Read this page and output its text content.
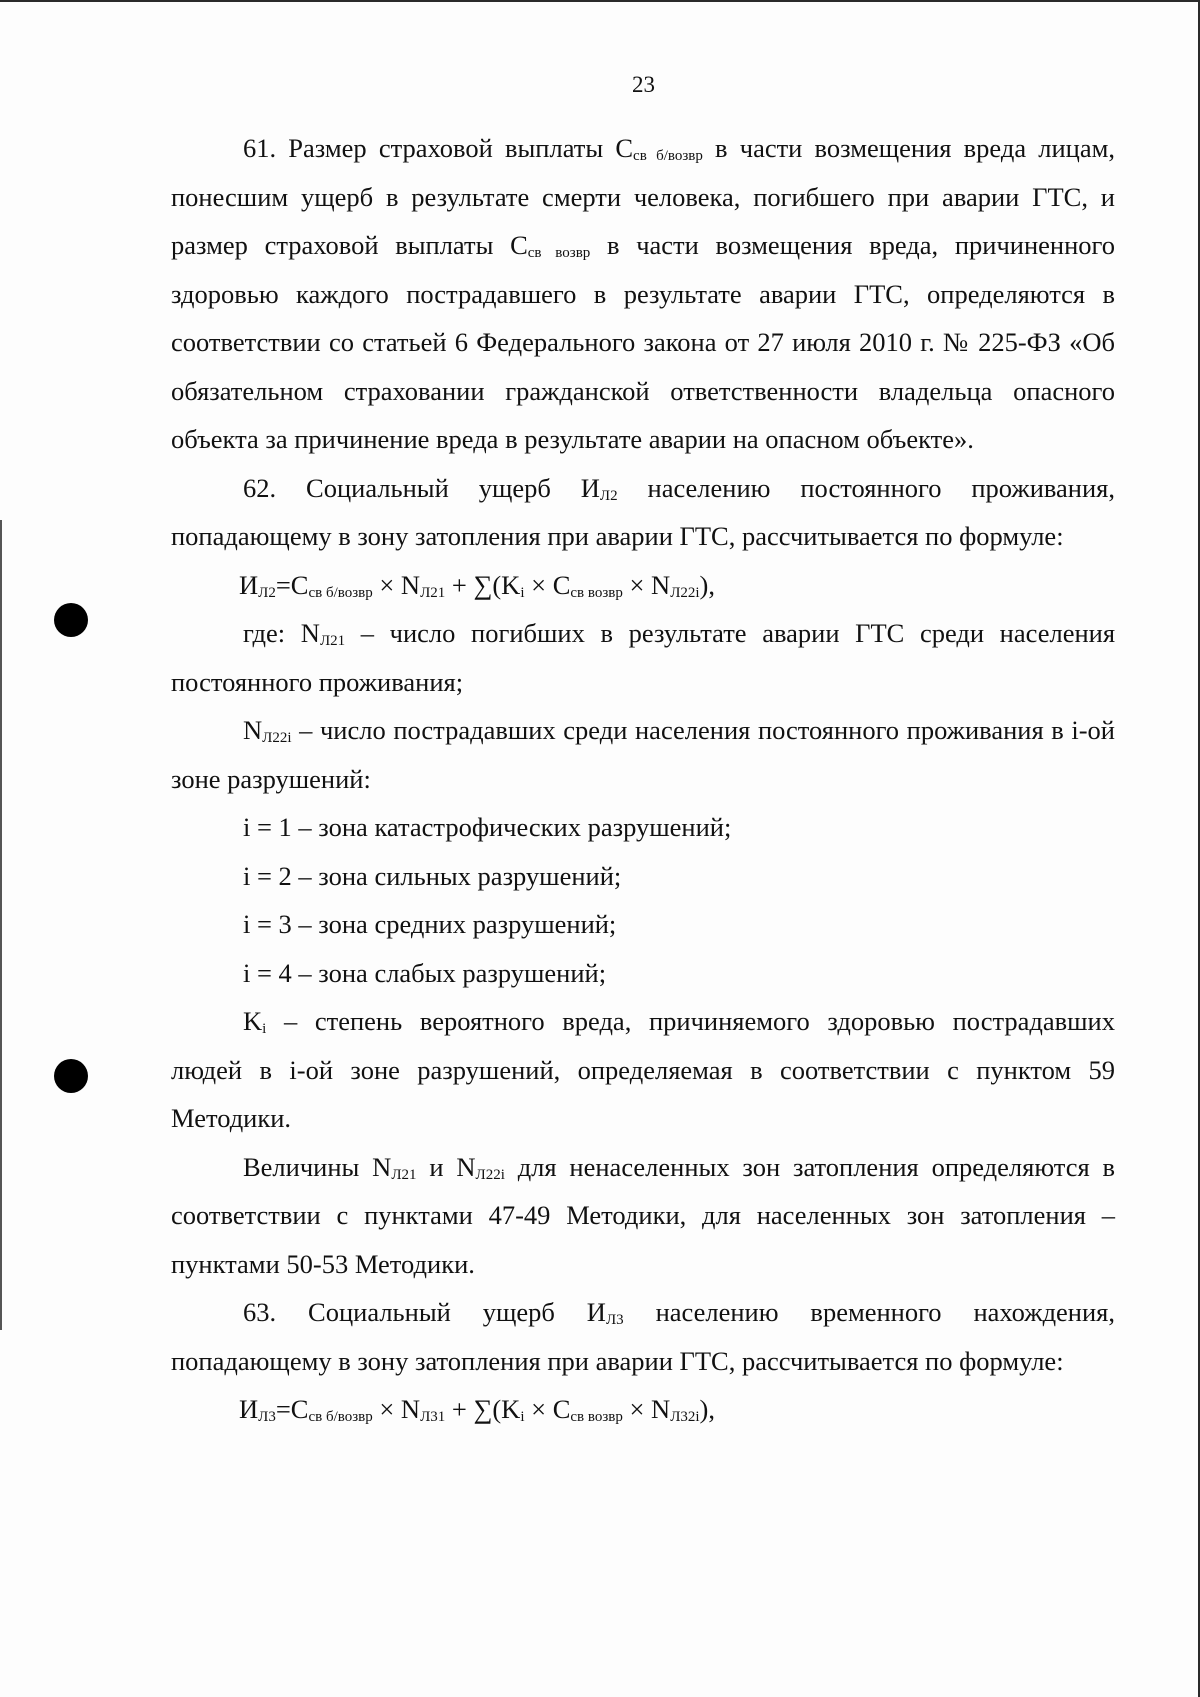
23

61. Размер страховой выплаты $С_{св б/возвр}$ в части возмещения вреда лицам, понесшим ущерб в результате смерти человека, погибшего при аварии ГТС, и размер страховой выплаты $С_{св возвр}$ в части возмещения вреда, причиненного здоровью каждого пострадавшего в результате аварии ГТС, определяются в соответствии со статьей 6 Федерального закона от 27 июля 2010 г. № 225-ФЗ «Об обязательном страховании гражданской ответственности владельца опасного объекта за причинение вреда в результате аварии на опасном объекте».

62. Социальный ущерб $И_{Л2}$ населению постоянного проживания, попадающему в зону затопления при аварии ГТС, рассчитывается по формуле:

$И_{Л2}=С_{св б/возвр} \times N_{Л21} + \sum(K_i \times С_{св возвр} \times N_{Л22i})$,

где: $N_{Л21}$ – число погибших в результате аварии ГТС среди населения постоянного проживания;

$N_{Л22i}$ – число пострадавших среди населения постоянного проживания в i-ой зоне разрушений:

i = 1 – зона катастрофических разрушений;

i = 2 – зона сильных разрушений;

i = 3 – зона средних разрушений;

i = 4 – зона слабых разрушений;

$K_i$ – степень вероятного вреда, причиняемого здоровью пострадавших людей в i-ой зоне разрушений, определяемая в соответствии с пунктом 59 Методики.

Величины $N_{Л21}$ и $N_{Л22i}$ для ненаселенных зон затопления определяются в соответствии с пунктами 47-49 Методики, для населенных зон затопления – пунктами 50-53 Методики.

63. Социальный ущерб $И_{Л3}$ населению временного нахождения, попадающему в зону затопления при аварии ГТС, рассчитывается по формуле:

$И_{Л3}=С_{св б/возвр} \times N_{Л31} + \sum(K_i \times С_{св возвр} \times N_{Л32i})$,
